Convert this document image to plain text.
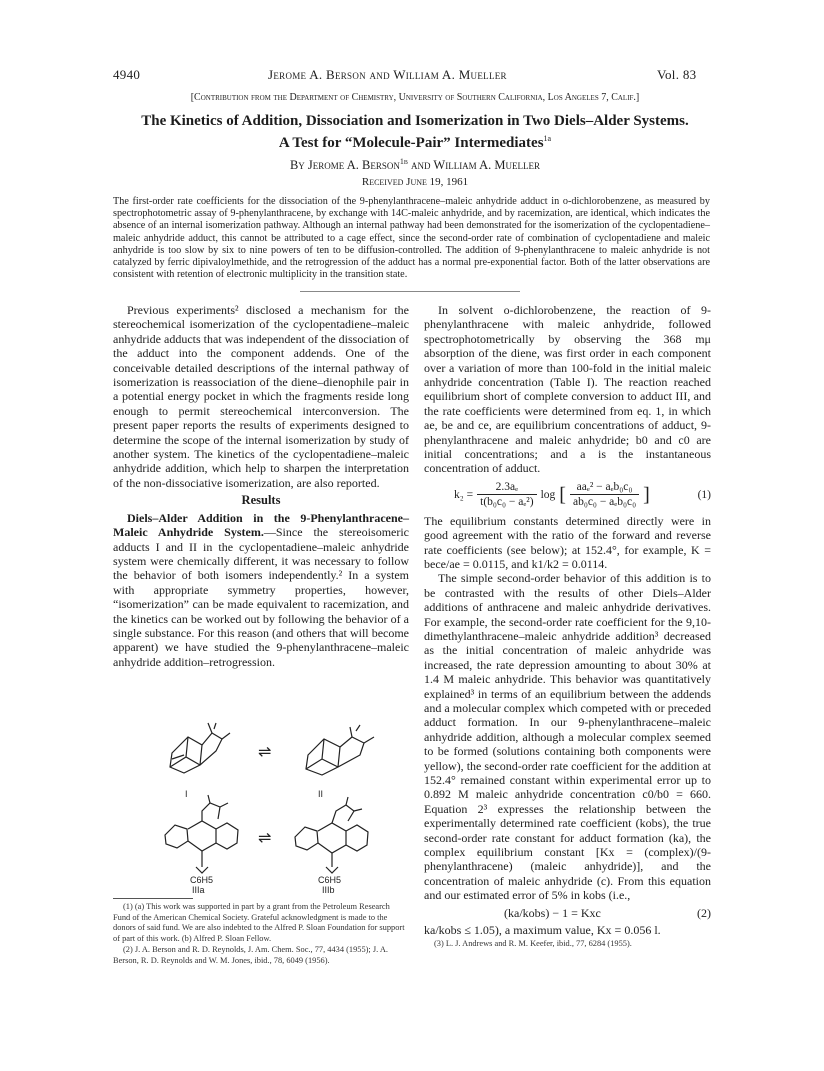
4940	Jerome A. Berson and William A. Mueller	Vol. 83
[Contribution from the Department of Chemistry, University of Southern California, Los Angeles 7, Calif.]
The Kinetics of Addition, Dissociation and Isomerization in Two Diels–Alder Systems.
A Test for “Molecule-Pair” Intermediates$^{1a}$
By Jerome A. Berson$^{1b}$ and William A. Mueller
Received June 19, 1961
The first-order rate coefficients for the dissociation of the 9-phenylanthracene–maleic anhydride adduct in o-dichlorobenzene, as measured by spectrophotometric assay of 9-phenylanthracene, by exchange with 14C-maleic anhydride, and by racemization, are identical, which indicates the absence of an internal isomerization pathway. Although an internal pathway had been demonstrated for the isomerization of the cyclopentadiene–maleic anhydride adduct, this cannot be attributed to a cage effect, since the second-order rate of combination of cyclopentadiene and maleic anhydride is too slow by six to nine powers of ten to be diffusion-controlled. The addition of 9-phenylanthracene to maleic anhydride is not catalyzed by ferric dipivaloylmethide, and the retrogression of the adduct has a normal pre-exponential factor. Both of the latter observations are consistent with retention of electronic multiplicity in the transition state.

Previous experiments² disclosed a mechanism for the stereochemical isomerization of the cyclopentadiene–maleic anhydride adducts that was independent of the dissociation of the adduct into the component addends. One of the conceivable detailed descriptions of the internal pathway of isomerization is reassociation of the diene–dienophile pair in a potential energy pocket in which the fragments reside long enough to permit stereochemical interconversion. The present paper reports the results of experiments designed to determine the scope of the internal isomerization by study of another system. The kinetics of the cyclopentadiene–maleic anhydride addition, which help to sharpen the interpretation of the non-dissociative isomerization, are also reported.

Results

Diels–Alder Addition in the 9-Phenylanthracene–Maleic Anhydride System.—Since the stereoisomeric adducts I and II in the cyclopentadiene–maleic anhydride system were chemically different, it was necessary to follow the behavior of both isomers independently.² In a system with appropriate symmetry properties, however, “isomerization” can be made equivalent to racemization, and the kinetics can be worked out by following the behavior of a single substance. For this reason (and others that will become apparent) we have studied the 9-phenylanthracene–maleic anhydride addition–retrogression.

⇌
⇌
I	II
C6H5	C6H5
IIIa	IIIb

(1) (a) This work was supported in part by a grant from the Petroleum Research Fund of the American Chemical Society. Grateful acknowledgment is made to the donors of said fund. We are also indebted to the Alfred P. Sloan Foundation for support of part of this work. (b) Alfred P. Sloan Fellow.

(2) J. A. Berson and R. D. Reynolds, J. Am. Chem. Soc., 77, 4434 (1955); J. A. Berson, R. D. Reynolds and W. M. Jones, ibid., 78, 6049 (1956).

In solvent o-dichlorobenzene, the reaction of 9-phenylanthracene with maleic anhydride, followed spectrophotometrically by observing the 368 mμ absorption of the diene, was first order in each component over a variation of more than 100-fold in the initial maleic anhydride concentration (Table I). The reaction reached equilibrium short of complete conversion to adduct III, and the rate coefficients were determined from eq. 1, in which ae, be and ce, are equilibrium concentrations of adduct, 9-phenylanthracene and maleic anhydride; b0 and c0 are initial concentrations; and a is the instantaneous concentration of adduct.

$k_2 = \frac{\text{2.3aₑ}}{\text{t(b₀c₀ − aₑ²)}}$ log [ $\frac{\text{aaₑ² − aₑb₀c₀}}{\text{ab₀c₀ − aₑb₀c₀}}$ ]	(1)

The equilibrium constants determined directly were in good agreement with the ratio of the forward and reverse rate coefficients (see below); at 152.4°, for example, K = bece/ae = 0.0115, and k1/k2 = 0.0114.

The simple second-order behavior of this addition is to be contrasted with the results of other Diels–Alder additions of anthracene and maleic anhydride derivatives. For example, the second-order rate coefficient for the 9,10-dimethylanthracene–maleic anhydride addition³ decreased as the initial concentration of maleic anhydride was increased, the rate depression amounting to about 30% at 1.4 M maleic anhydride. This behavior was quantitatively explained³ in terms of an equilibrium between the addends and a molecular complex which competed with or preceded adduct formation. In our 9-phenylanthracene–maleic anhydride addition, although a molecular complex seemed to be formed (solutions containing both components were yellow), the second-order rate coefficient for the addition at 152.4° remained constant within experimental error up to 0.892 M maleic anhydride concentration c0/b0 = 660. Equation 2³ expresses the relationship between the experimentally determined rate coefficient (kobs), the true second-order rate constant for adduct formation (ka), the complex equilibrium constant [Kx = (complex)/(9-phenylanthracene) (maleic anhydride)], and the concentration of maleic anhydride (c). From this equation and our estimated error of 5% in kobs (i.e.,

(ka/kobs) − 1 = Kxc	(2)

ka/kobs ≤ 1.05), a maximum value, Kx = 0.056 l.

(3) L. J. Andrews and R. M. Keefer, ibid., 77, 6284 (1955).
